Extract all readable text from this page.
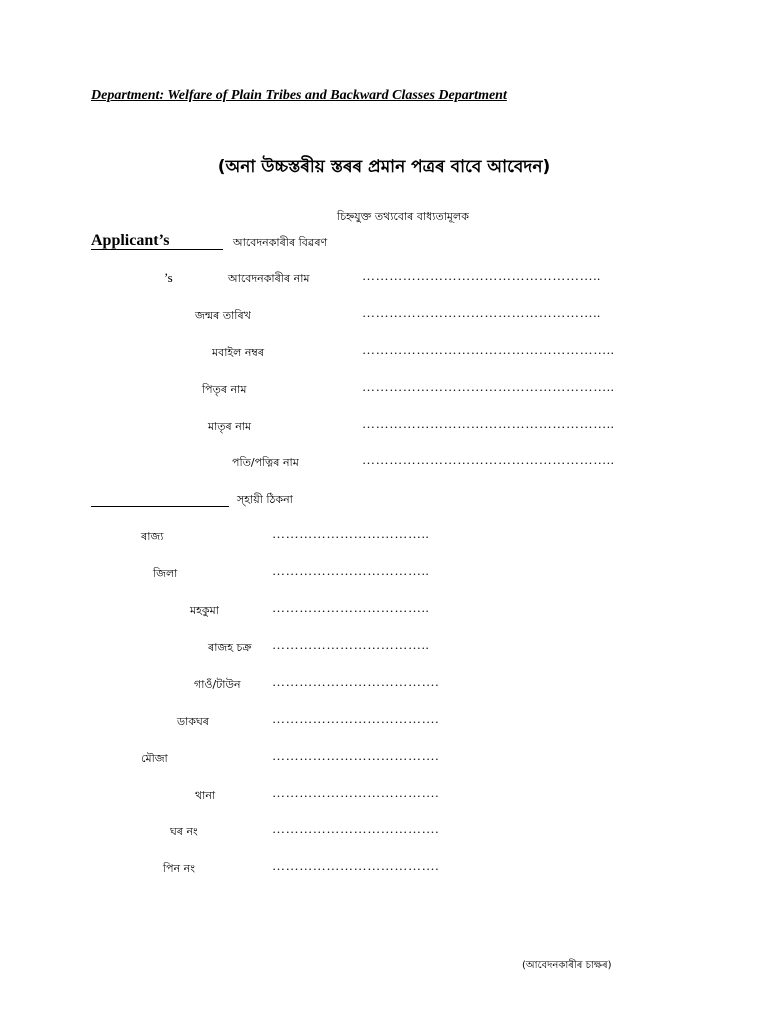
Department: Welfare of Plain Tribes and Backward Classes Department
(অনা উচ্চস্তৰীয় স্তৰৰ প্ৰমান পত্ৰৰ বাবে আবেদন)
চিহ্নযুক্ত তথ্যবোৰ বাধ্যতামূলক
Applicant’s	আবেদনকাৰীৰ বিৱৰণ
’s	আবেদনকাৰীৰ নাম	……………………………………………..
জন্মৰ তাৰিখ	……………………………………………..
মবাইল নম্বৰ	………………………………………………..
পিতৃৰ নাম	………………………………………………..
মাতৃৰ নাম	………………………………………………..
পতি/পত্নিৰ নাম	………………………………………………..
স্হায়ী ঠিকনা
ৰাজ্য	……………………………..
জিলা	……………………………..
মহকুমা	……………………………..
ৰাজহ চক্ৰ ……………………………..
গাওঁ/টাউন ……………………………….
ডাকঘৰ	……………………………….
মৌজা	……………………………….
থানা	……………………………….
ঘৰ নং	……………………………….
পিন নং	……………………………….
(আবেদনকাৰীৰ চাক্ষৰ)
